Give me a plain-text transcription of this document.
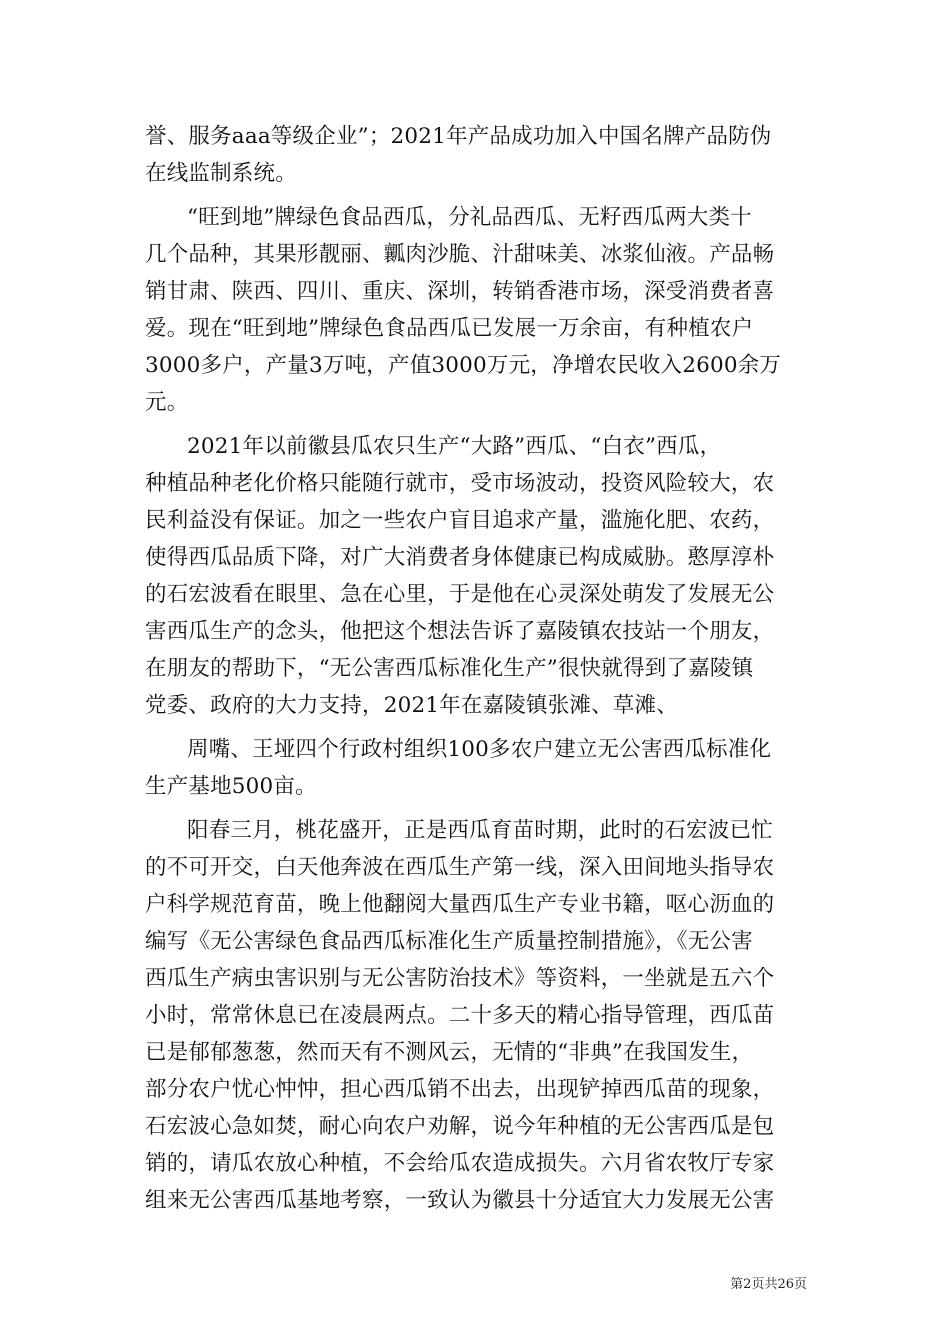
誉、服务aaa等级企业”；2021年产品成功加入中国名牌产品防伪
在线监制系统。
“旺到地”牌绿色食品西瓜，分礼品西瓜、无籽西瓜两大类十
几个品种，其果形靓丽、瓤肉沙脆、汁甜味美、冰浆仙液。产品畅
销甘肃、陕西、四川、重庆、深圳，转销香港市场，深受消费者喜
爱。现在“旺到地”牌绿色食品西瓜已发展一万余亩，有种植农户
3000多户，产量3万吨，产值3000万元，净增农民收入2600余万
元。
2021年以前徽县瓜农只生产“大路”西瓜、“白衣”西瓜，
种植品种老化价格只能随行就市，受市场波动，投资风险较大，农
民利益没有保证。加之一些农户盲目追求产量，滥施化肥、农药，
使得西瓜品质下降，对广大消费者身体健康已构成威胁。憨厚淳朴
的石宏波看在眼里、急在心里，于是他在心灵深处萌发了发展无公
害西瓜生产的念头，他把这个想法告诉了嘉陵镇农技站一个朋友，
在朋友的帮助下，“无公害西瓜标准化生产”很快就得到了嘉陵镇
党委、政府的大力支持，2021年在嘉陵镇张滩、草滩、
周嘴、王垭四个行政村组织100多农户建立无公害西瓜标准化
生产基地500亩。
阳春三月，桃花盛开，正是西瓜育苗时期，此时的石宏波已忙
的不可开交，白天他奔波在西瓜生产第一线，深入田间地头指导农
户科学规范育苗，晚上他翻阅大量西瓜生产专业书籍，呕心沥血的
编写《无公害绿色食品西瓜标准化生产质量控制措施》，《无公害
西瓜生产病虫害识别与无公害防治技术》等资料，一坐就是五六个
小时，常常休息已在凌晨两点。二十多天的精心指导管理，西瓜苗
已是郁郁葱葱，然而天有不测风云，无情的“非典”在我国发生，
部分农户忧心忡忡，担心西瓜销不出去，出现铲掉西瓜苗的现象，
石宏波心急如焚，耐心向农户劝解，说今年种植的无公害西瓜是包
销的，请瓜农放心种植，不会给瓜农造成损失。六月省农牧厅专家
组来无公害西瓜基地考察，一致认为徽县十分适宜大力发展无公害
第2页共26页
